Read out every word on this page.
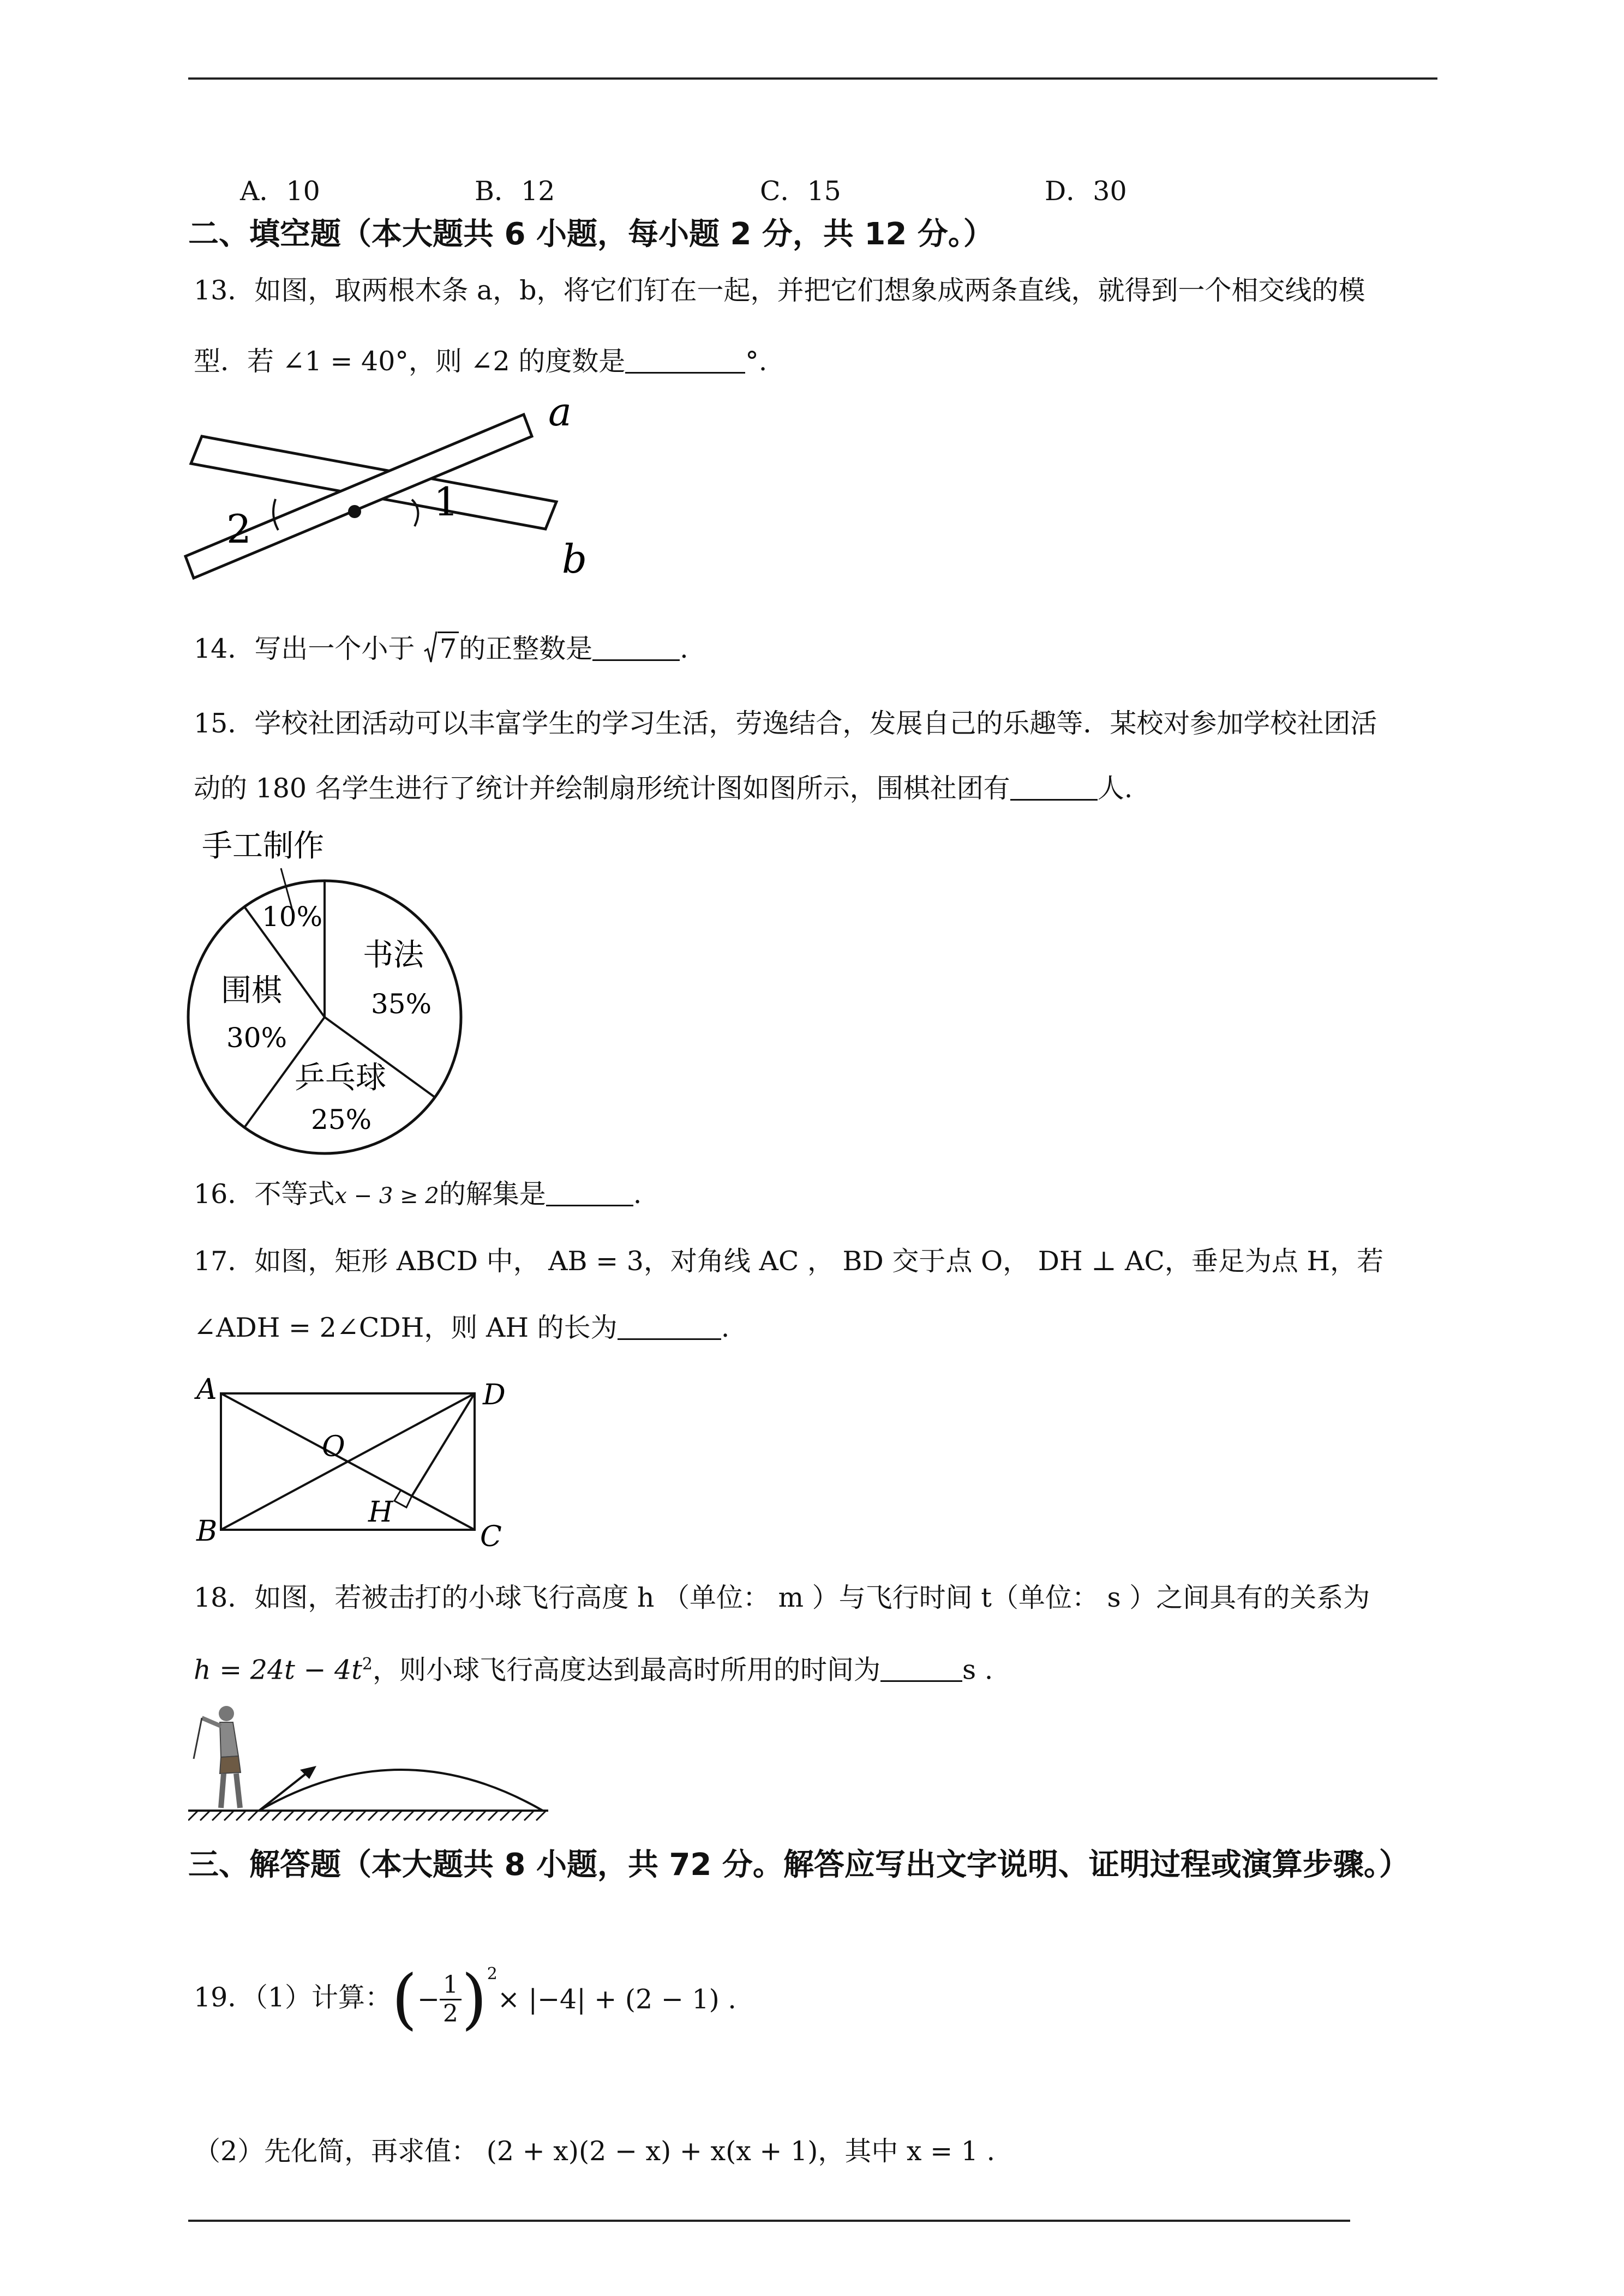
A．10	B．12	C．15	D．30
二、填空题（本大题共 6 小题，每小题 2 分，共 12 分。）
13．如图，取两根木条 a，b，将它们钉在一起，并把它们想象成两条直线，就得到一个相交线的模
型．若 ∠1 = 40°，则 ∠2 的度数是	°.
a
b
1
2
14．写出一个小于 7的正整数是	.
15．学校社团活动可以丰富学生的学习生活，劳逸结合，发展自己的乐趣等．某校对参加学校社团活
动的 180 名学生进行了统计并绘制扇形统计图如图所示，围棋社团有	人.
手工制作
10%
书法
35%
围棋
30%
乒乓球
25%
16．不等式x − 3 ≥ 2的解集是	.
17．如图，矩形 ABCD 中， AB = 3，对角线 AC ， BD 交于点 O， DH ⊥ AC，垂足为点 H，若
∠ADH = 2∠CDH，则 AH 的长为	.
A	D
B	C
O
H
18．如图，若被击打的小球飞行高度 h （单位： m ）与飞行时间 t（单位： s ）之间具有的关系为
$h = 24t - 4t^2$，则小球飞行高度达到最高时所用的时间为	s .
三、解答题（本大题共 8 小题，共 72 分。解答应写出文字说明、证明过程或演算步骤。）
19．（1）计算：(− $\frac{1}{2} )^2\times |-4| + (2 - 1)$ .
（2）先化简，再求值： (2 + x)(2 − x) + x(x + 1)，其中 x = 1 .
